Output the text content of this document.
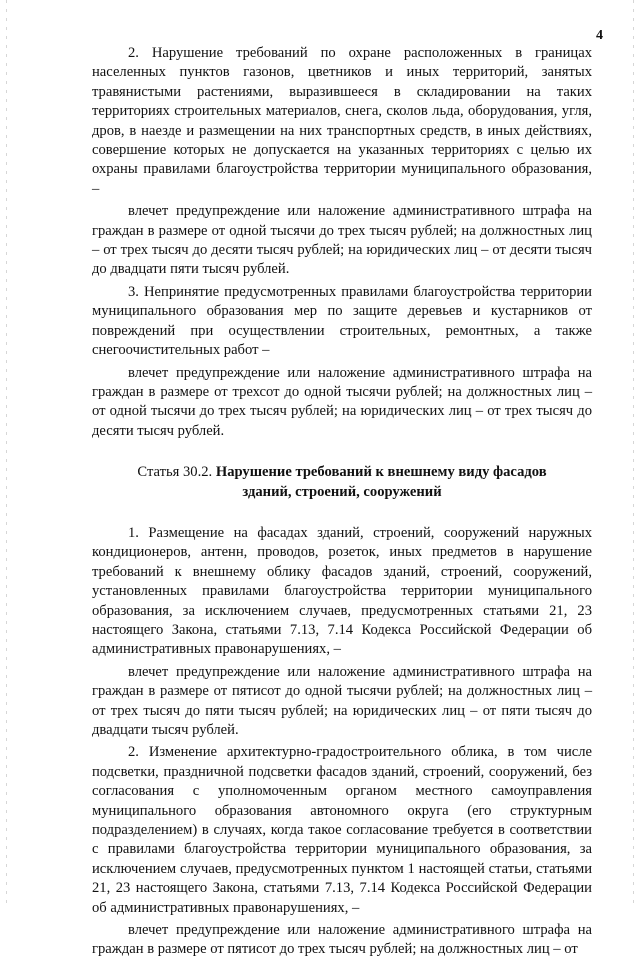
4

2. Нарушение требований по охране расположенных в границах населенных пунктов газонов, цветников и иных территорий, занятых травянистыми растениями, выразившееся в складировании на таких территориях строительных материалов, снега, сколов льда, оборудования, угля, дров, в наезде и размещении на них транспортных средств, в иных действиях, совершение которых не допускается на указанных территориях с целью их охраны правилами благоустройства территории муниципального образования, –

влечет предупреждение или наложение административного штрафа на граждан в размере от одной тысячи до трех тысяч рублей; на должностных лиц – от трех тысяч до десяти тысяч рублей; на юридических лиц – от десяти тысяч до двадцати пяти тысяч рублей.

3. Непринятие предусмотренных правилами благоустройства территории муниципального образования мер по защите деревьев и кустарников от повреждений при осуществлении строительных, ремонтных, а также снегоочистительных работ –

влечет предупреждение или наложение административного штрафа на граждан в размере от трехсот до одной тысячи рублей; на должностных лиц – от одной тысячи до трех тысяч рублей; на юридических лиц – от трех тысяч до десяти тысяч рублей.

Статья 30.2. Нарушение требований к внешнему виду фасадов
зданий, строений, сооружений

1. Размещение на фасадах зданий, строений, сооружений наружных кондиционеров, антенн, проводов, розеток, иных предметов в нарушение требований к внешнему облику фасадов зданий, строений, сооружений, установленных правилами благоустройства территории муниципального образования, за исключением случаев, предусмотренных статьями 21, 23 настоящего Закона, статьями 7.13, 7.14 Кодекса Российской Федерации об административных правонарушениях, –

влечет предупреждение или наложение административного штрафа на граждан в размере от пятисот до одной тысячи рублей; на должностных лиц – от трех тысяч до пяти тысяч рублей; на юридических лиц – от пяти тысяч до двадцати тысяч рублей.

2. Изменение архитектурно-градостроительного облика, в том числе подсветки, праздничной подсветки фасадов зданий, строений, сооружений, без согласования с уполномоченным органом местного самоуправления муниципального образования автономного округа (его структурным подразделением) в случаях, когда такое согласование требуется в соответствии с правилами благоустройства территории муниципального образования, за исключением случаев, предусмотренных пунктом 1 настоящей статьи, статьями 21, 23 настоящего Закона, статьями 7.13, 7.14 Кодекса Российской Федерации об административных правонарушениях, –

влечет предупреждение или наложение административного штрафа на граждан в размере от пятисот до трех тысяч рублей; на должностных лиц – от
